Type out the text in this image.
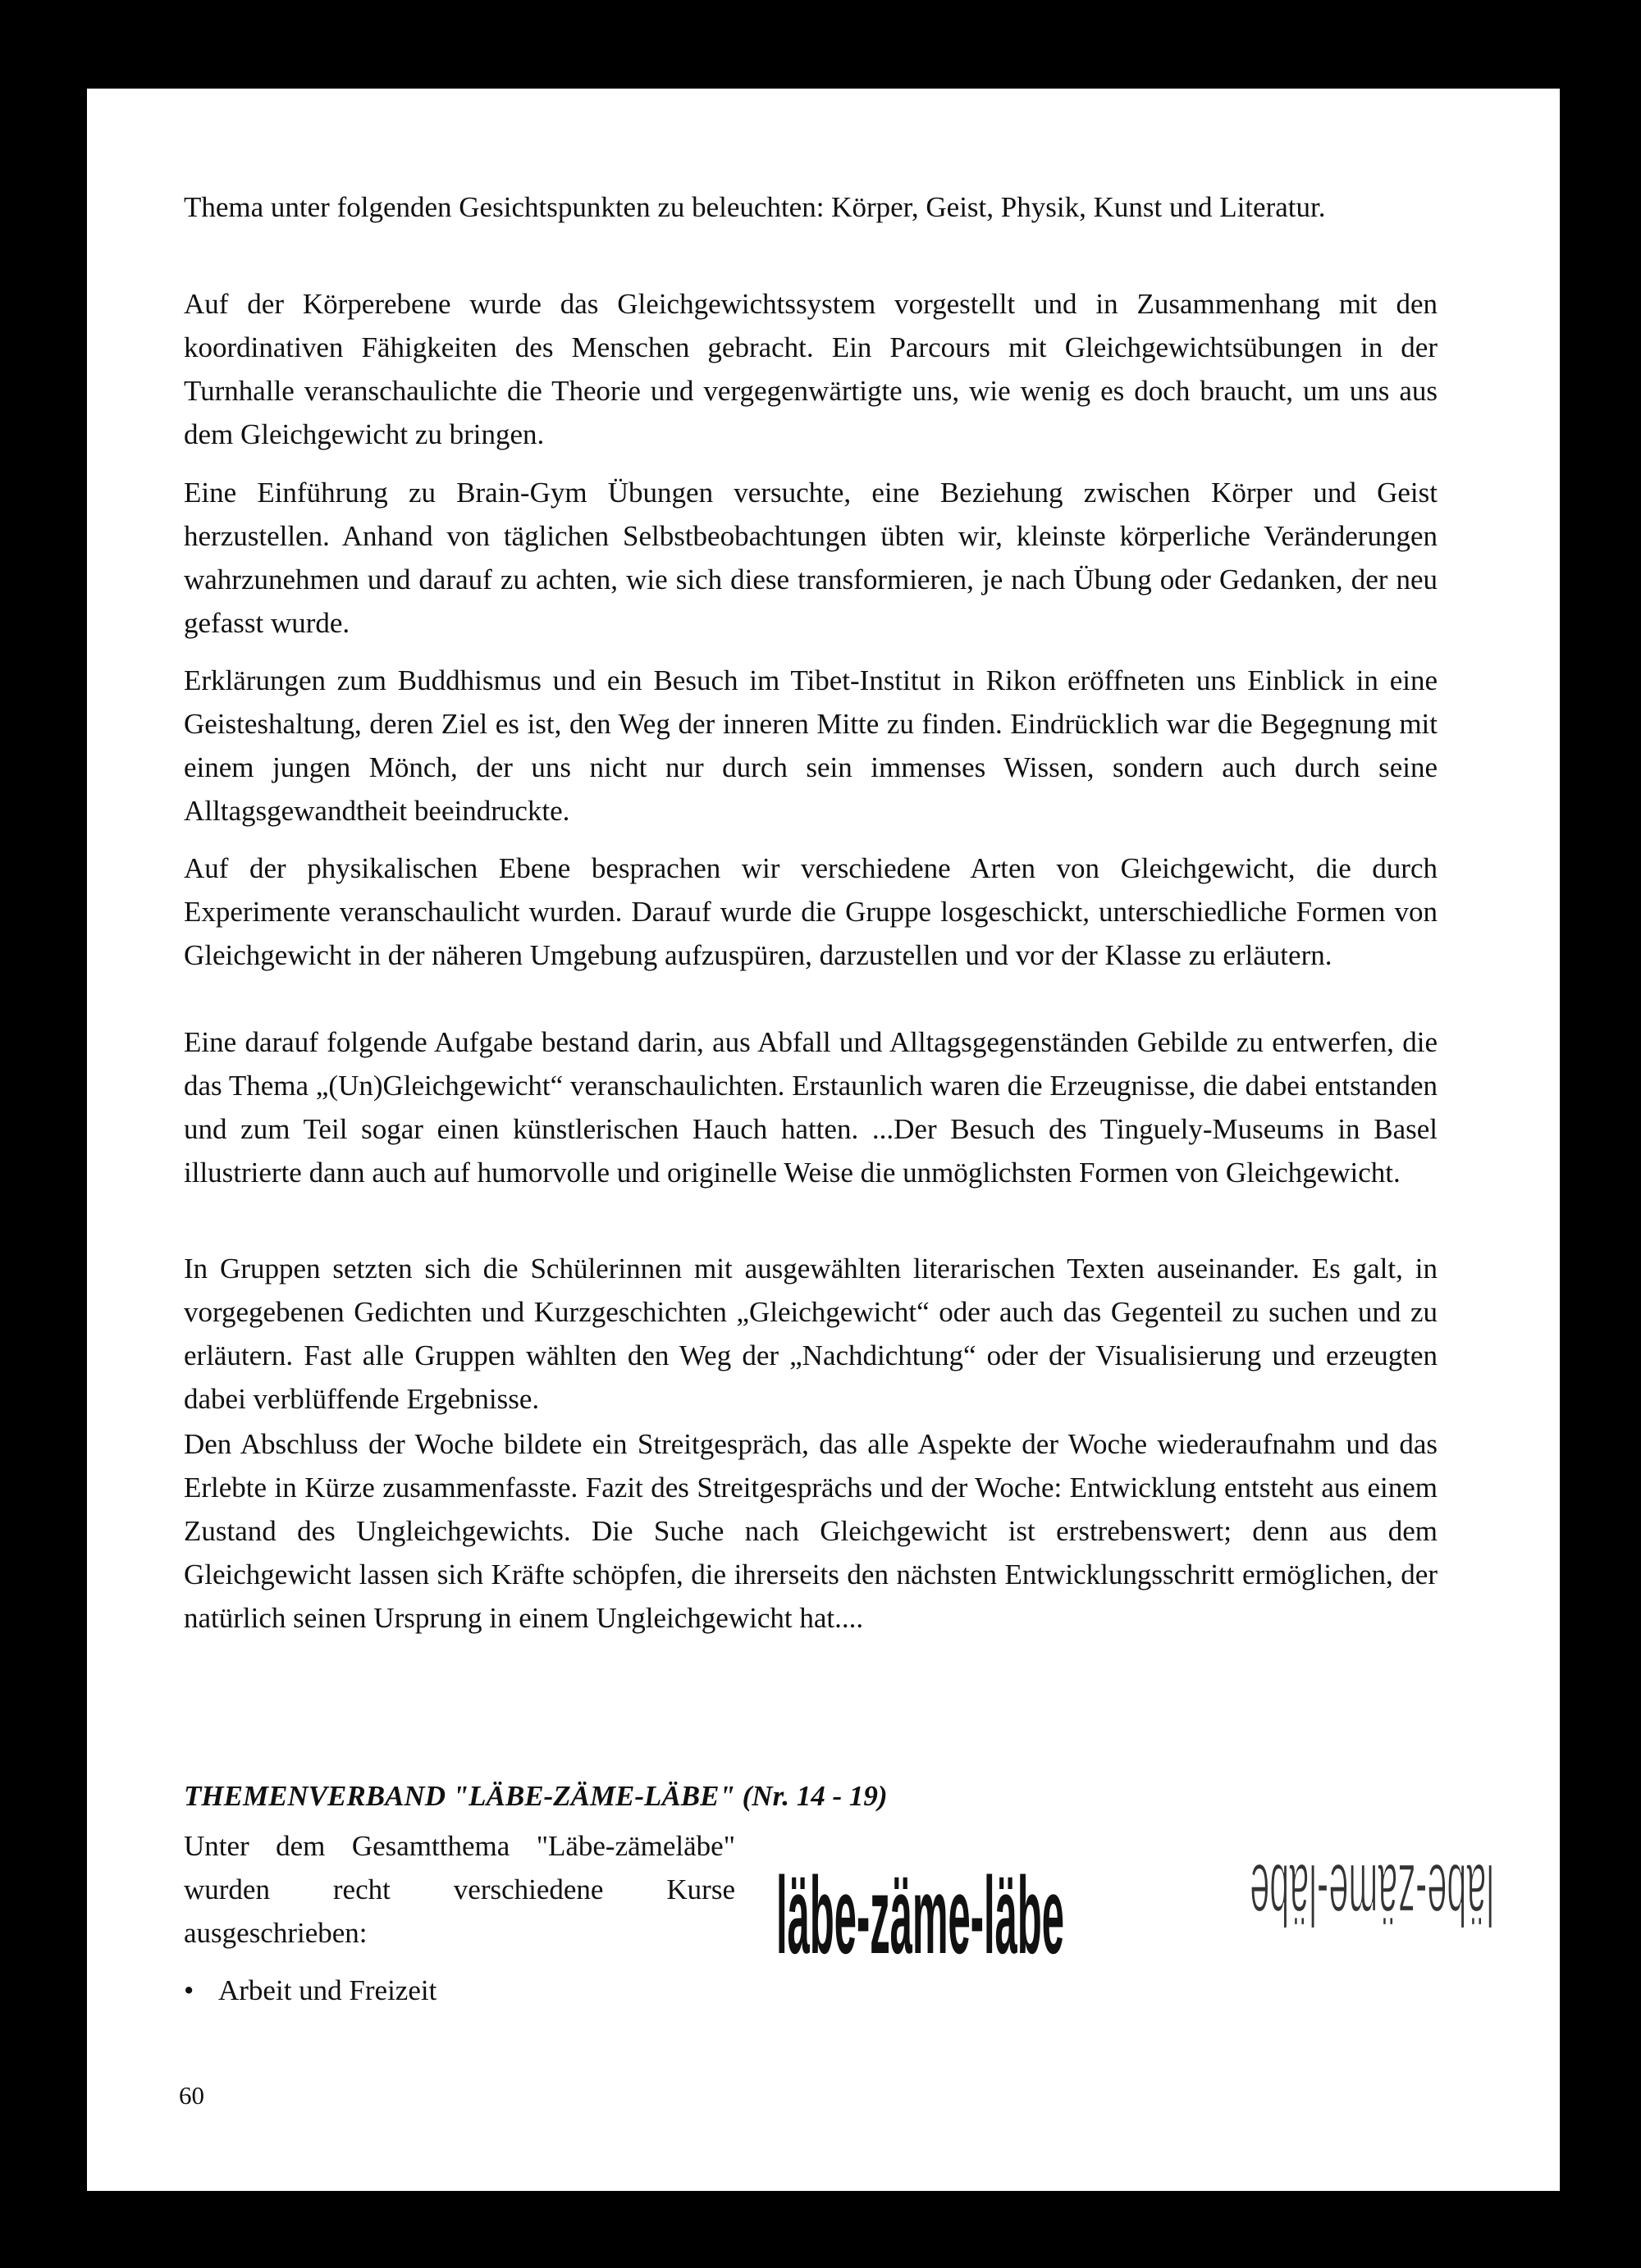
Thema unter folgenden Gesichtspunkten zu beleuchten: Körper, Geist, Physik, Kunst und Literatur.

Auf der Körperebene wurde das Gleichgewichtssystem vorgestellt und in Zusammenhang mit den koordinativen Fähigkeiten des Menschen gebracht. Ein Parcours mit Gleichgewichtsübungen in der Turnhalle veranschaulichte die Theorie und vergegenwärtigte uns, wie wenig es doch braucht, um uns aus dem Gleichgewicht zu bringen.

Eine Einführung zu Brain-Gym Übungen versuchte, eine Beziehung zwischen Körper und Geist herzustellen. Anhand von täglichen Selbstbeobachtungen übten wir, kleinste körperliche Veränderungen wahrzunehmen und darauf zu achten, wie sich diese transformieren, je nach Übung oder Gedanken, der neu gefasst wurde.

Erklärungen zum Buddhismus und ein Besuch im Tibet-Institut in Rikon eröffneten uns Einblick in eine Geisteshaltung, deren Ziel es ist, den Weg der inneren Mitte zu finden. Eindrücklich war die Begegnung mit einem jungen Mönch, der uns nicht nur durch sein immenses Wissen, sondern auch durch seine Alltagsgewandtheit beeindruckte.

Auf der physikalischen Ebene besprachen wir verschiedene Arten von Gleichgewicht, die durch Experimente veranschaulicht wurden. Darauf wurde die Gruppe losgeschickt, unterschiedliche Formen von Gleichgewicht in der näheren Umgebung aufzuspüren, darzustellen und vor der Klasse zu erläutern.

Eine darauf folgende Aufgabe bestand darin, aus Abfall und Alltagsgegenständen Gebilde zu entwerfen, die das Thema „(Un)Gleichgewicht“ veranschaulichten. Erstaunlich waren die Erzeugnisse, die dabei entstanden und zum Teil sogar einen künstlerischen Hauch hatten. ...Der Besuch des Tinguely-Museums in Basel illustrierte dann auch auf humorvolle und originelle Weise die unmöglichsten Formen von Gleichgewicht.

In Gruppen setzten sich die Schülerinnen mit ausgewählten literarischen Texten auseinander. Es galt, in vorgegebenen Gedichten und Kurzgeschichten „Gleichgewicht“ oder auch das Gegenteil zu suchen und zu erläutern. Fast alle Gruppen wählten den Weg der „Nachdichtung“ oder der Visualisierung und erzeugten dabei verblüffende Ergebnisse.

Den Abschluss der Woche bildete ein Streitgespräch, das alle Aspekte der Woche wiederaufnahm und das Erlebte in Kürze zusammenfasste. Fazit des Streitgesprächs und der Woche: Entwicklung entsteht aus einem Zustand des Ungleichgewichts. Die Suche nach Gleichgewicht ist erstrebenswert; denn aus dem Gleichgewicht lassen sich Kräfte schöpfen, die ihrerseits den nächsten Entwicklungsschritt ermöglichen, der natürlich seinen Ursprung in einem Ungleichgewicht hat....

THEMENVERBAND "LÄBE-ZÄME-LÄBE" (Nr. 14 - 19)

Unter dem Gesamtthema "Läbe-zämeläbe" wurden recht verschiedene Kurse ausgeschrieben:

• Arbeit und Freizeit

läbe-zäme-läbe	läbe-zäme-läbe

60
